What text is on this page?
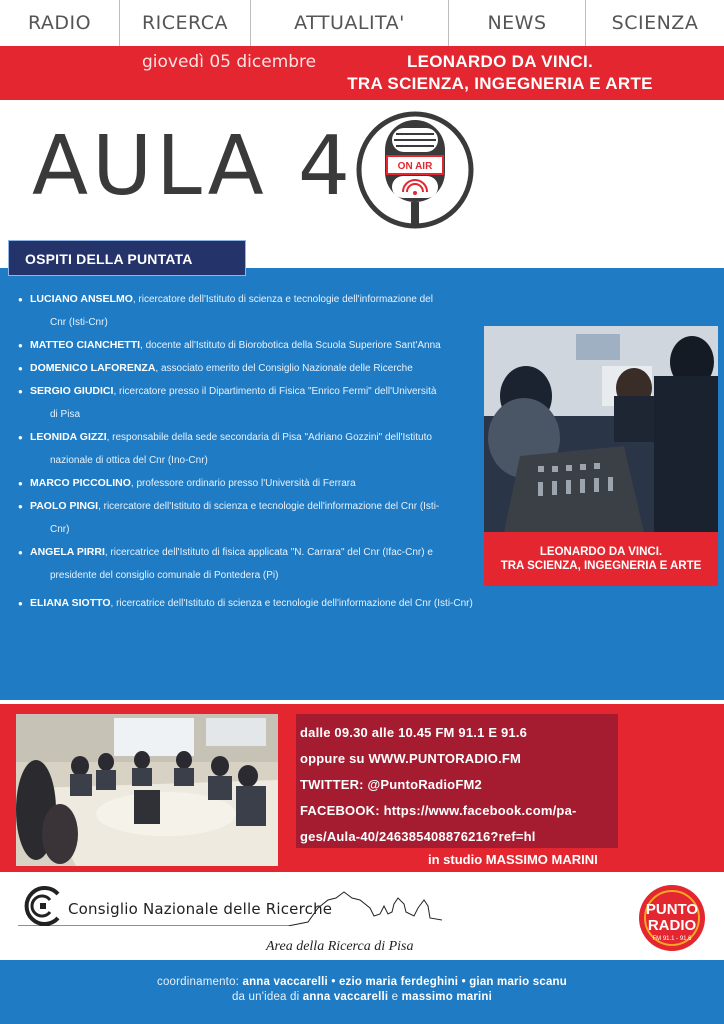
RADIO	RICERCA	ATTUALITA'	NEWS	SCIENZA
giovedì 05 dicembre	LEONARDO DA VINCI.
TRA SCIENZA, INGEGNERIA E ARTE
AULA 4	ON AIR
OSPITI DELLA PUNTATA
● LUCIANO ANSELMO, ricercatore dell'Istituto di scienza e tecnologie dell'informazione del
Cnr (Isti-Cnr)
● MATTEO CIANCHETTI, docente all'Istituto di Biorobotica della Scuola Superiore Sant'Anna
● DOMENICO LAFORENZA, associato emerito del Consiglio Nazionale delle Ricerche
● SERGIO GIUDICI, ricercatore presso il Dipartimento di Fisica "Enrico Fermi" dell'Università
di Pisa
● LEONIDA GIZZI, responsabile della sede secondaria di Pisa "Adriano Gozzini" dell'Istituto
nazionale di ottica del Cnr (Ino-Cnr)
● MARCO PICCOLINO, professore ordinario presso l'Università di Ferrara
● PAOLO PINGI, ricercatore dell'Istituto di scienza e tecnologie dell'informazione del Cnr (Isti-
Cnr)
● ANGELA PIRRI, ricercatrice dell'Istituto di fisica applicata "N. Carrara" del Cnr (Ifac-Cnr) e
presidente del consiglio comunale di Pontedera (Pi)
● ELIANA SIOTTO, ricercatrice dell'Istituto di scienza e tecnologie dell'informazione del Cnr (Isti-Cnr)
LEONARDO DA VINCI.
TRA SCIENZA, INGEGNERIA E ARTE
dalle 09.30 alle 10.45 FM 91.1 E 91.6
oppure su WWW.PUNTORADIO.FM
TWITTER: @PuntoRadioFM2
FACEBOOK: https://www.facebook.com/pa-
ges/Aula-40/246385408876216?ref=hl
in studio MASSIMO MARINI
Consiglio Nazionale delle Ricerche
Area della Ricerca di Pisa
PUNTO
RADIO
FM 91.1 - 91.6
coordinamento: anna vaccarelli • ezio maria ferdeghini • gian mario scanu
da un'idea di anna vaccarelli e massimo marini
